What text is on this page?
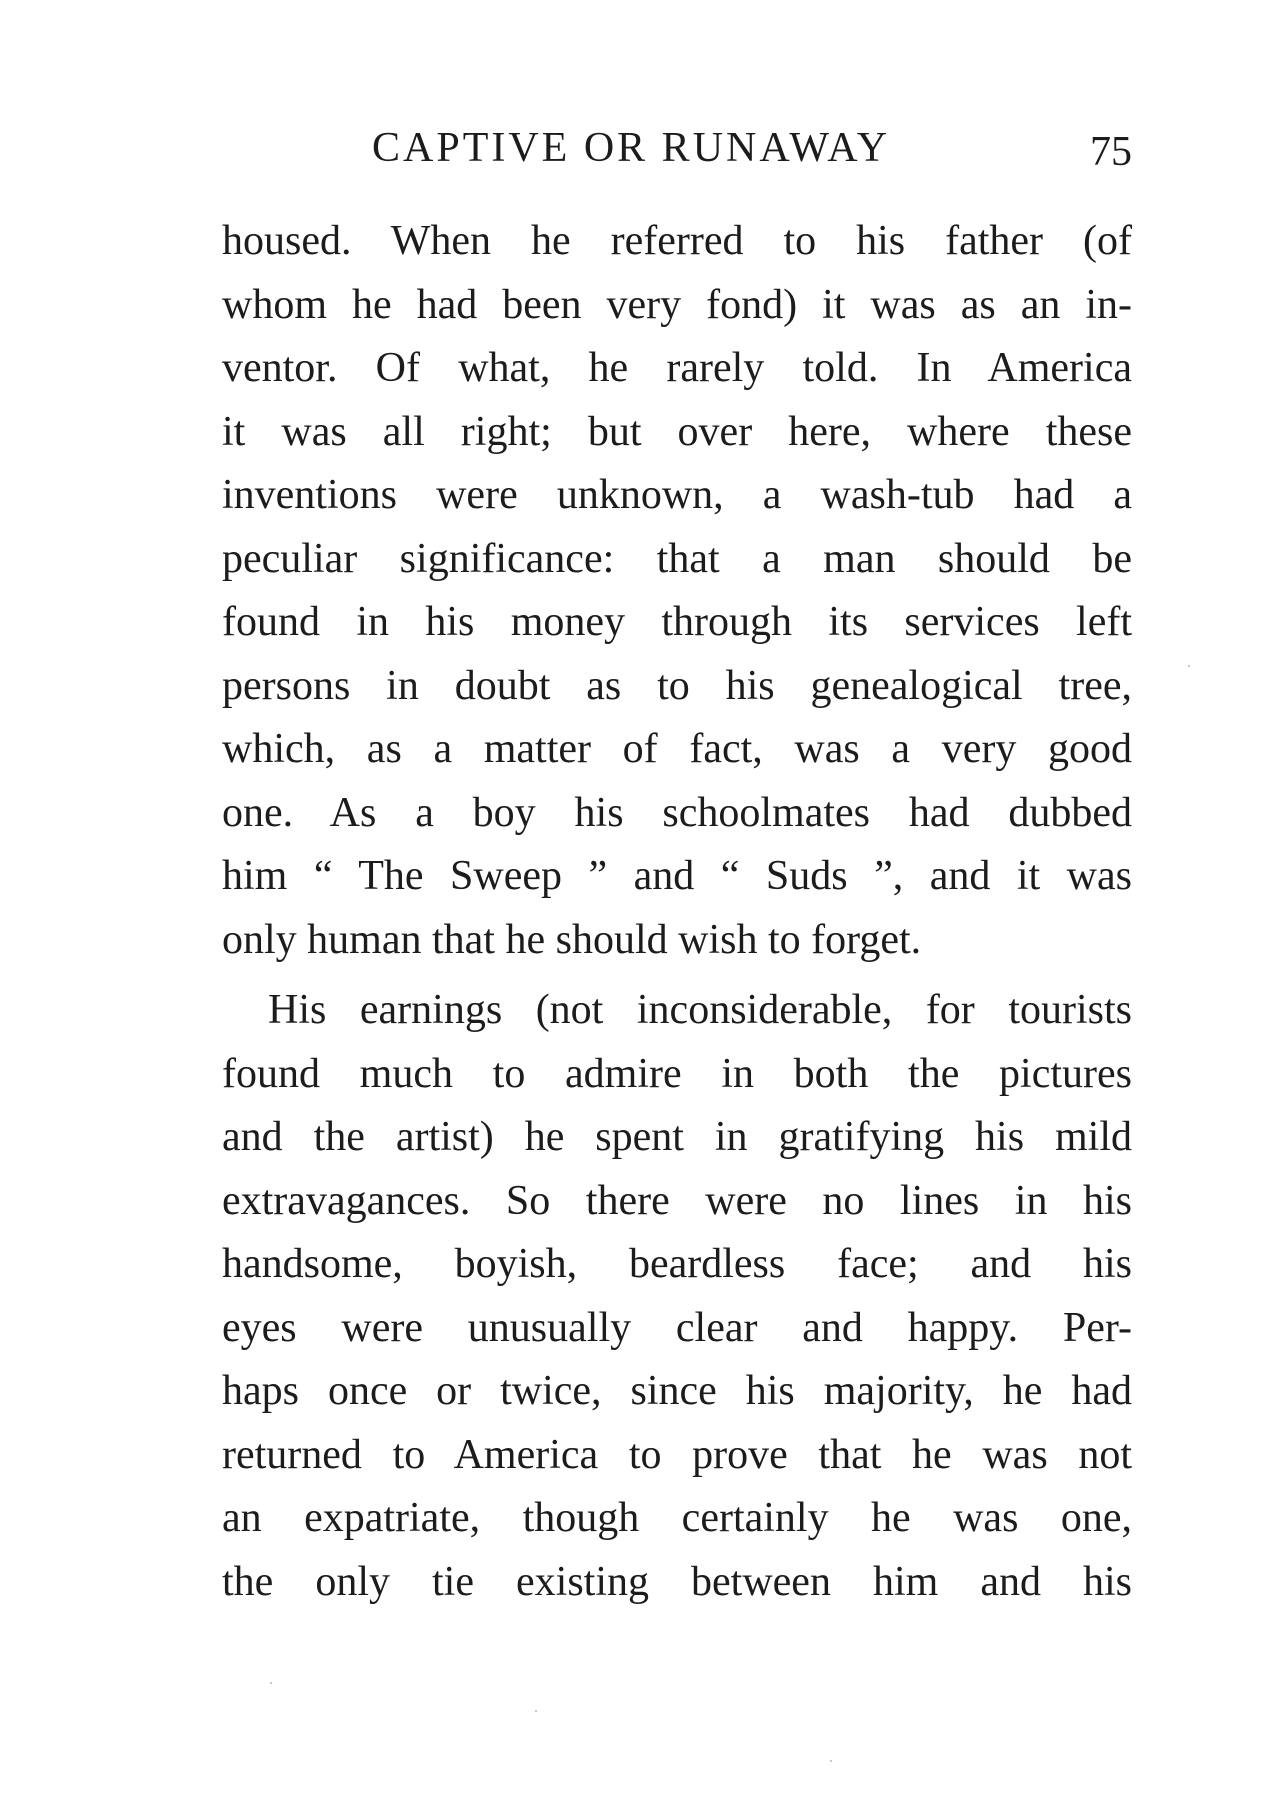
CAPTIVE OR RUNAWAY	75
housed. When he referred to his father (of
whom he had been very fond) it was as an in-
ventor. Of what, he rarely told. In America
it was all right; but over here, where these
inventions were unknown, a wash-tub had a
peculiar significance: that a man should be
found in his money through its services left
persons in doubt as to his genealogical tree,
which, as a matter of fact, was a very good
one. As a boy his schoolmates had dubbed
him “ The Sweep ” and “ Suds ”, and it was
only human that he should wish to forget.
His earnings (not inconsiderable, for tourists
found much to admire in both the pictures
and the artist) he spent in gratifying his mild
extravagances. So there were no lines in his
handsome, boyish, beardless face; and his
eyes were unusually clear and happy. Per-
haps once or twice, since his majority, he had
returned to America to prove that he was not
an expatriate, though certainly he was one,
the only tie existing between him and his
